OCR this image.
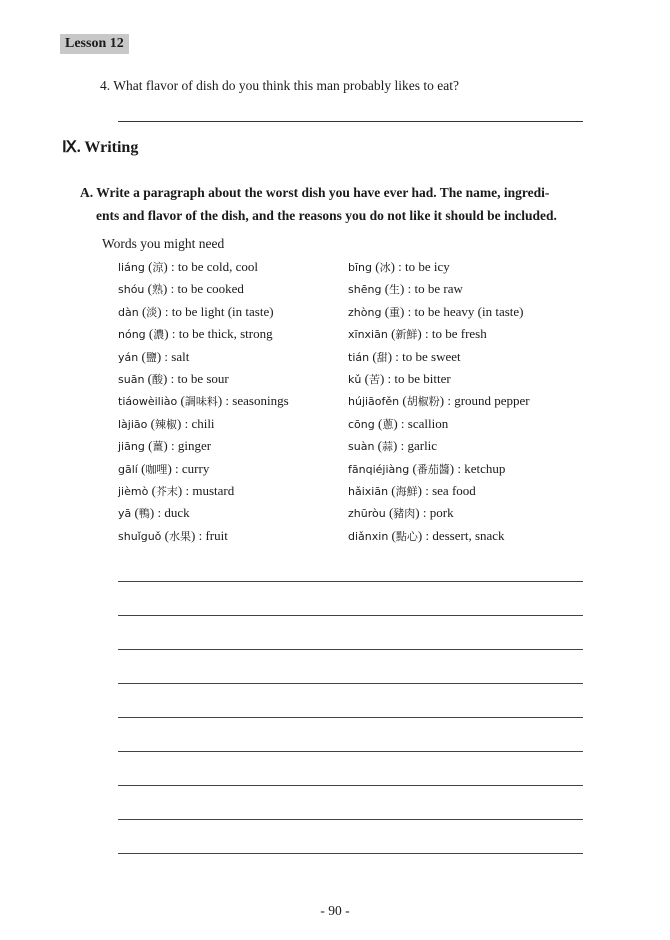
Lesson 12
4. What flavor of dish do you think this man probably likes to eat?
Ⅸ. Writing
A. Write a paragraph about the worst dish you have ever had. The name, ingredi-
ents and flavor of the dish, and the reasons you do not like it should be included.
Words you might need
liáng (涼) : to be cold, cool
shóu (熟) : to be cooked
dàn (淡) : to be light (in taste)
nóng (濃) : to be thick, strong
yán (鹽) : salt
suān (酸) : to be sour
tiáowèiliào (調味料) : seasonings
làjiāo (辣椒) : chili
jiāng (薑) : ginger
gālí (咖哩) : curry
jièmò (芥末) : mustard
yā (鴨) : duck
shuǐguǒ (水果) : fruit
bīng (冰) : to be icy
shēng (生) : to be raw
zhòng (重) : to be heavy (in taste)
xīnxiān (新鮮) : to be fresh
tián (甜) : to be sweet
kǔ (苦) : to be bitter
hújiāofěn (胡椒粉) : ground pepper
cōng (蔥) : scallion
suàn (蒜) : garlic
fānqiéjiàng (番茄醬) : ketchup
hǎixiān (海鮮) : sea food
zhūròu (豬肉) : pork
diǎnxin (點心) : dessert, snack
- 90 -
